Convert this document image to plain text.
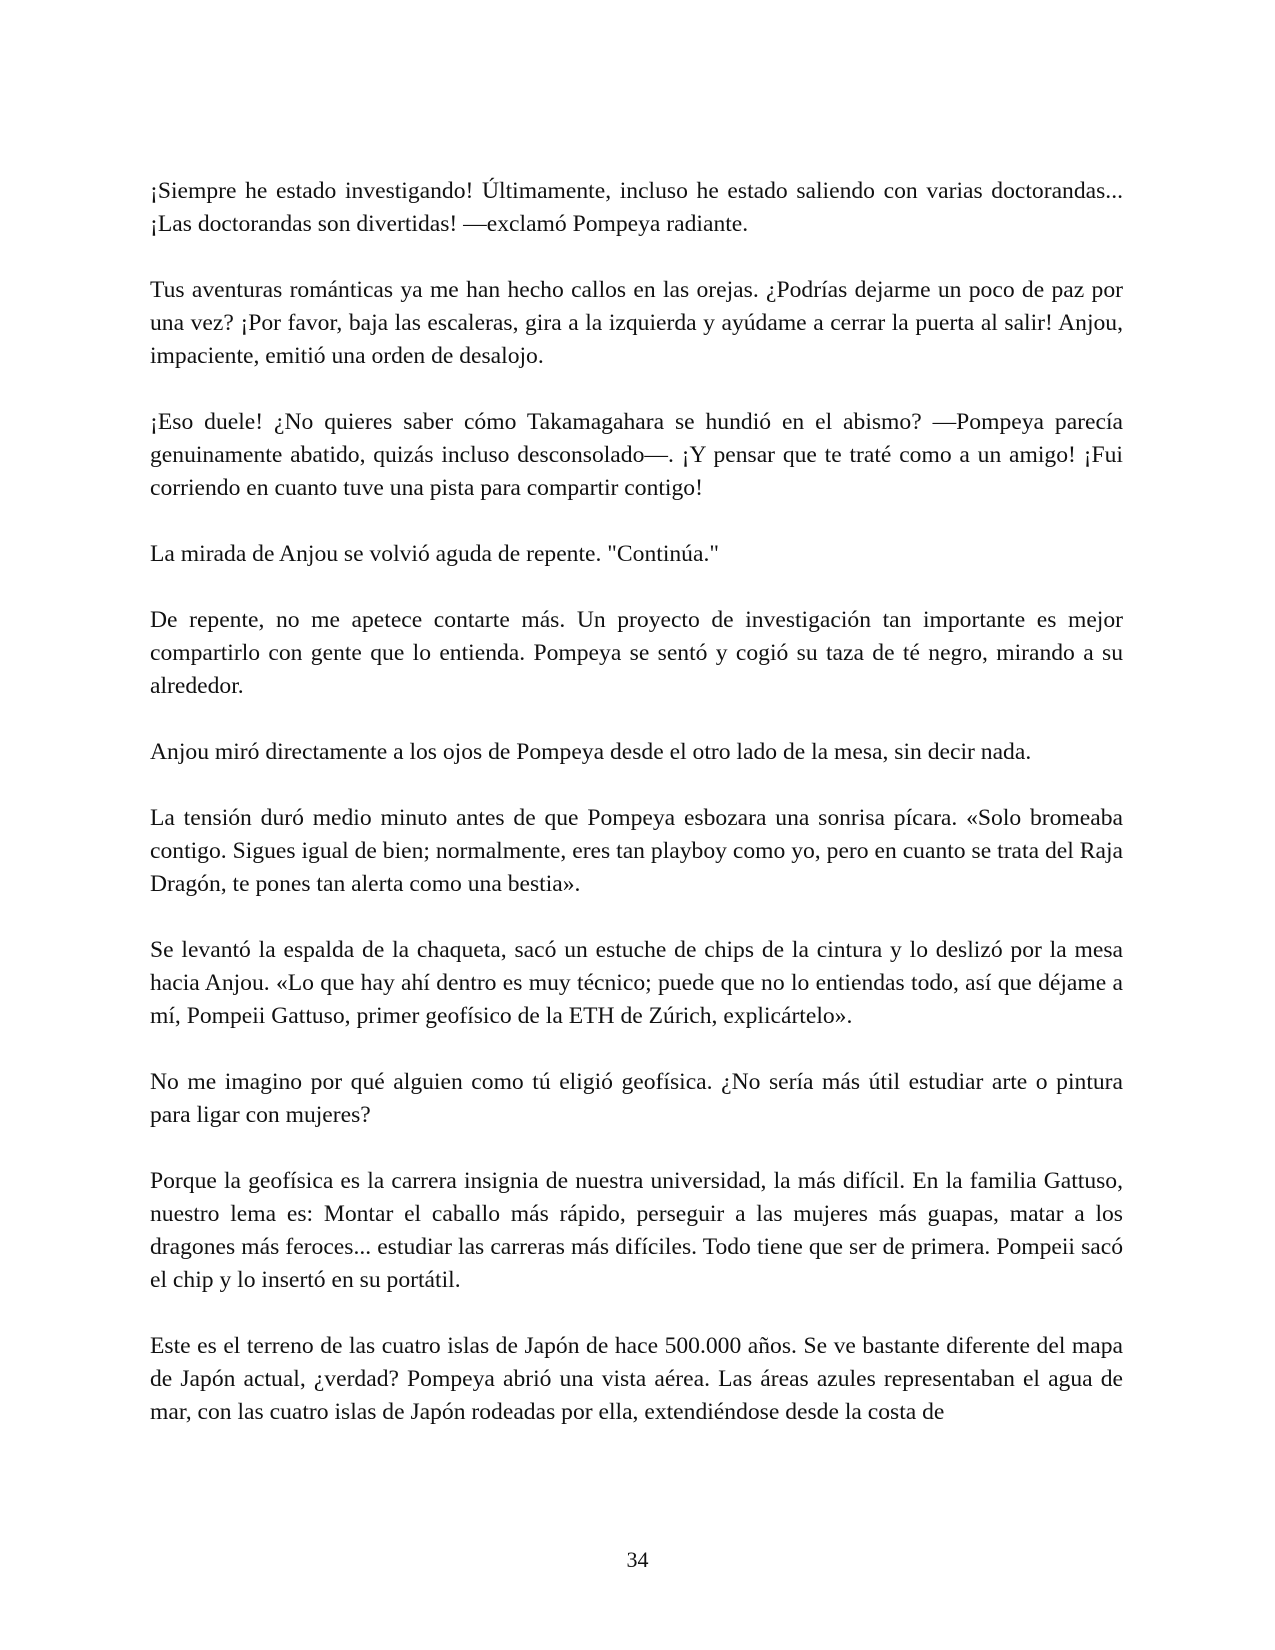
¡Siempre he estado investigando! Últimamente, incluso he estado saliendo con varias doctorandas... ¡Las doctorandas son divertidas! —exclamó Pompeya radiante.

Tus aventuras románticas ya me han hecho callos en las orejas. ¿Podrías dejarme un poco de paz por una vez? ¡Por favor, baja las escaleras, gira a la izquierda y ayúdame a cerrar la puerta al salir! Anjou, impaciente, emitió una orden de desalojo.

¡Eso duele! ¿No quieres saber cómo Takamagahara se hundió en el abismo? —Pompeya parecía genuinamente abatido, quizás incluso desconsolado—. ¡Y pensar que te traté como a un amigo! ¡Fui corriendo en cuanto tuve una pista para compartir contigo!

La mirada de Anjou se volvió aguda de repente. "Continúa."

De repente, no me apetece contarte más. Un proyecto de investigación tan importante es mejor compartirlo con gente que lo entienda. Pompeya se sentó y cogió su taza de té negro, mirando a su alrededor.

Anjou miró directamente a los ojos de Pompeya desde el otro lado de la mesa, sin decir nada.

La tensión duró medio minuto antes de que Pompeya esbozara una sonrisa pícara. «Solo bromeaba contigo. Sigues igual de bien; normalmente, eres tan playboy como yo, pero en cuanto se trata del Raja Dragón, te pones tan alerta como una bestia».

Se levantó la espalda de la chaqueta, sacó un estuche de chips de la cintura y lo deslizó por la mesa hacia Anjou. «Lo que hay ahí dentro es muy técnico; puede que no lo entiendas todo, así que déjame a mí, Pompeii Gattuso, primer geofísico de la ETH de Zúrich, explicártelo».

No me imagino por qué alguien como tú eligió geofísica. ¿No sería más útil estudiar arte o pintura para ligar con mujeres?

Porque la geofísica es la carrera insignia de nuestra universidad, la más difícil. En la familia Gattuso, nuestro lema es: Montar el caballo más rápido, perseguir a las mujeres más guapas, matar a los dragones más feroces... estudiar las carreras más difíciles. Todo tiene que ser de primera. Pompeii sacó el chip y lo insertó en su portátil.

Este es el terreno de las cuatro islas de Japón de hace 500.000 años. Se ve bastante diferente del mapa de Japón actual, ¿verdad? Pompeya abrió una vista aérea. Las áreas azules representaban el agua de mar, con las cuatro islas de Japón rodeadas por ella, extendiéndose desde la costa de

34
